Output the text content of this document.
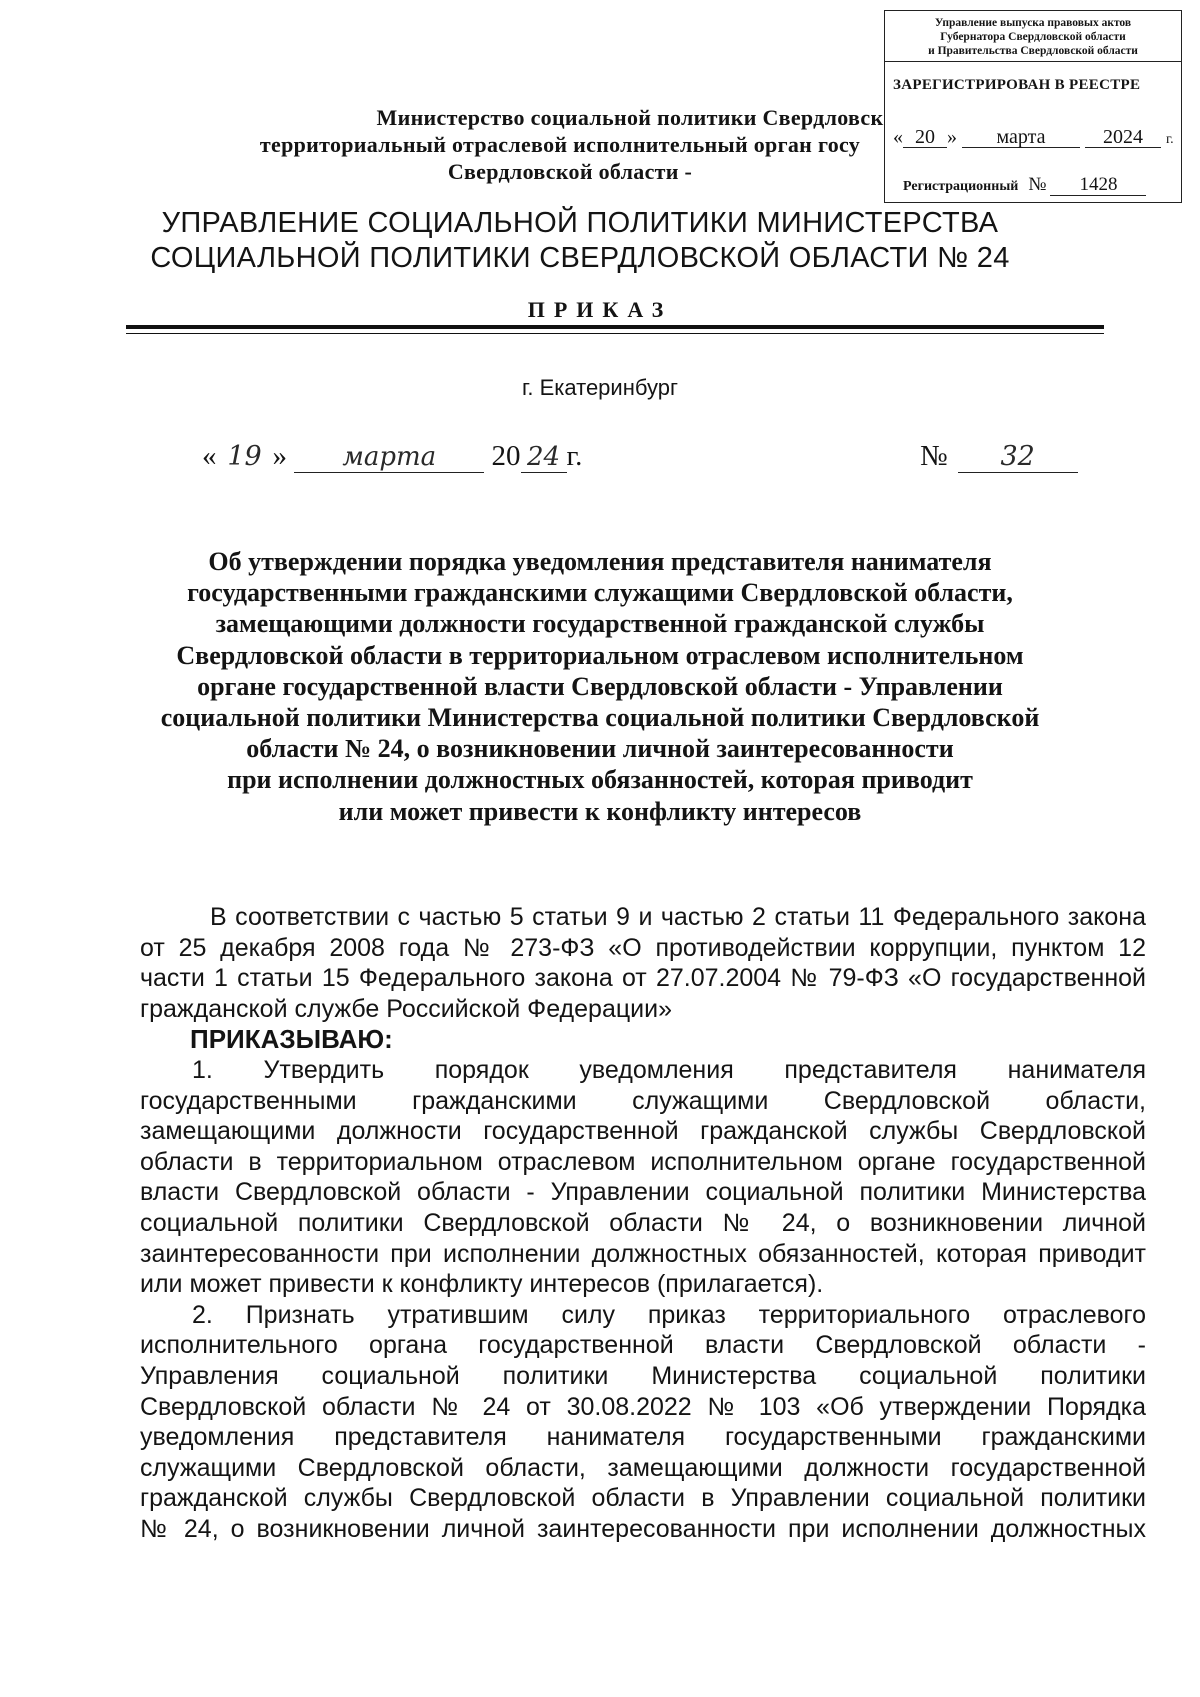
Управление выпуска правовых актов
Губернатора Свердловской области
и Правительства Свердловской области
ЗАРЕГИСТРИРОВАН В РЕЕСТРЕ
« 20 » марта	2024 г.
Регистрационный № 1428
Министерство социальной политики Свердловск
территориальный отраслевой исполнительный орган госу
Свердловской области -
УПРАВЛЕНИЕ СОЦИАЛЬНОЙ ПОЛИТИКИ МИНИСТЕРСТВА
СОЦИАЛЬНОЙ ПОЛИТИКИ СВЕРДЛОВСКОЙ ОБЛАСТИ № 24
ПРИКАЗ
г. Екатеринбург
« 19 » марта 20 24 г.	№ 32
Об утверждении порядка уведомления представителя нанимателя
государственными гражданскими служащими Свердловской области,
замещающими должности государственной гражданской службы
Свердловской области в территориальном отраслевом исполнительном
органе государственной власти Свердловской области - Управлении
социальной политики Министерства социальной политики Свердловской
области № 24, о возникновении личной заинтересованности
при исполнении должностных обязанностей, которая приводит
или может привести к конфликту интересов
В соответствии с частью 5 статьи 9 и частью 2 статьи 11 Федерального закона
от 25 декабря 2008 года № 273-ФЗ «О противодействии коррупции, пунктом 12
части 1 статьи 15 Федерального закона от 27.07.2004 № 79-ФЗ «О государственной
гражданской службе Российской Федерации»
ПРИКАЗЫВАЮ:
1. Утвердить порядок уведомления представителя нанимателя
государственными гражданскими служащими Свердловской области,
замещающими должности государственной гражданской службы Свердловской
области в территориальном отраслевом исполнительном органе государственной
власти Свердловской области - Управлении социальной политики Министерства
социальной политики Свердловской области № 24, о возникновении личной
заинтересованности при исполнении должностных обязанностей, которая приводит
или может привести к конфликту интересов (прилагается).
2. Признать утратившим силу приказ территориального отраслевого
исполнительного органа государственной власти Свердловской области -
Управления социальной политики Министерства социальной политики
Свердловской области № 24 от 30.08.2022 № 103 «Об утверждении Порядка
уведомления представителя нанимателя государственными гражданскими
служащими Свердловской области, замещающими должности государственной
гражданской службы Свердловской области в Управлении социальной политики
№ 24, о возникновении личной заинтересованности при исполнении должностных
